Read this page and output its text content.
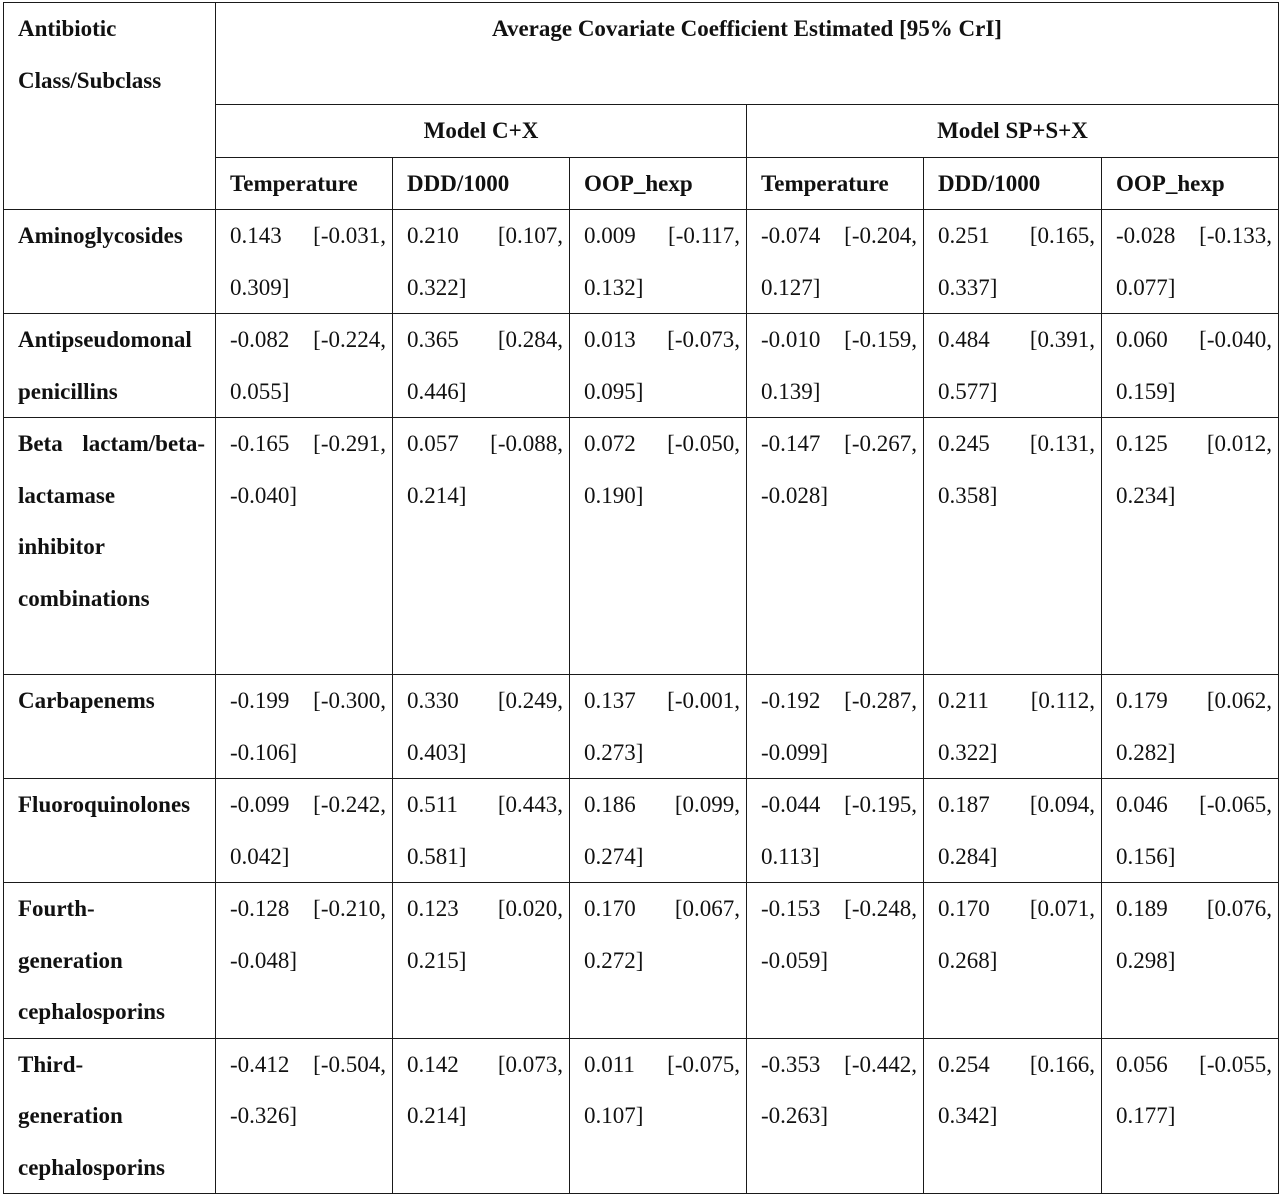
Antibiotic Class/Subclass	Average Covariate Coefficient Estimated [95% CrI]					
	Model C+X			Model SP+S+X		
	Temperature	DDD/1000	OOP_hexp	Temperature	DDD/1000	OOP_hexp
Aminoglycosides	0.143 [-0.031, 0.309]	0.210 [0.107, 0.322]	0.009 [-0.117, 0.132]	-0.074 [-0.204, 0.127]	0.251 [0.165, 0.337]	-0.028 [-0.133, 0.077]
Antipseudomonal penicillins	-0.082 [-0.224, 0.055]	0.365 [0.284, 0.446]	0.013 [-0.073, 0.095]	-0.010 [-0.159, 0.139]	0.484 [0.391, 0.577]	0.060 [-0.040, 0.159]
Beta lactam/beta-lactamase inhibitor combinations	-0.165 [-0.291, -0.040]	0.057 [-0.088, 0.214]	0.072 [-0.050, 0.190]	-0.147 [-0.267, -0.028]	0.245 [0.131, 0.358]	0.125 [0.012, 0.234]
Carbapenems	-0.199 [-0.300, -0.106]	0.330 [0.249, 0.403]	0.137 [-0.001, 0.273]	-0.192 [-0.287, -0.099]	0.211 [0.112, 0.322]	0.179 [0.062, 0.282]
Fluoroquinolones	-0.099 [-0.242, 0.042]	0.511 [0.443, 0.581]	0.186 [0.099, 0.274]	-0.044 [-0.195, 0.113]	0.187 [0.094, 0.284]	0.046 [-0.065, 0.156]
Fourth-generation cephalosporins	-0.128 [-0.210, -0.048]	0.123 [0.020, 0.215]	0.170 [0.067, 0.272]	-0.153 [-0.248, -0.059]	0.170 [0.071, 0.268]	0.189 [0.076, 0.298]
Third-generation cephalosporins	-0.412 [-0.504, -0.326]	0.142 [0.073, 0.214]	0.011 [-0.075, 0.107]	-0.353 [-0.442, -0.263]	0.254 [0.166, 0.342]	0.056 [-0.055, 0.177]
